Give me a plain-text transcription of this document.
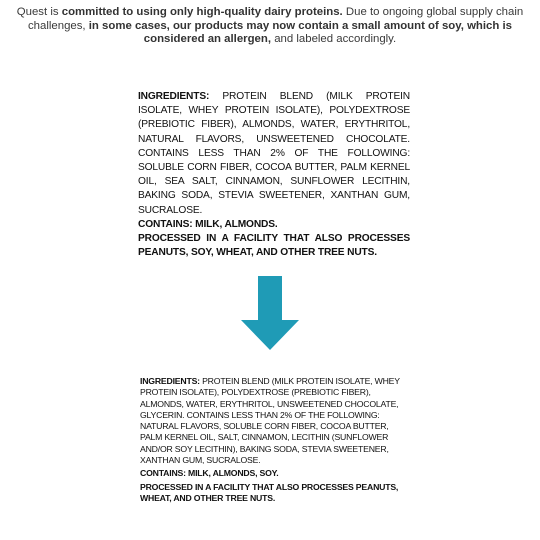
Quest is committed to using only high-quality dairy proteins. Due to ongoing global supply chain challenges, in some cases, our products may now contain a small amount of soy, which is considered an allergen, and labeled accordingly.

INGREDIENTS: PROTEIN BLEND (MILK PROTEIN ISOLATE, WHEY PROTEIN ISOLATE), POLYDEXTROSE (PREBIOTIC FIBER), ALMONDS, WATER, ERYTHRITOL, NATURAL FLAVORS, UNSWEETENED CHOCOLATE. CONTAINS LESS THAN 2% OF THE FOLLOWING: SOLUBLE CORN FIBER, COCOA BUTTER, PALM KERNEL OIL, SEA SALT, CINNAMON, SUNFLOWER LECITHIN, BAKING SODA, STEVIA SWEETENER, XANTHAN GUM, SUCRALOSE.

CONTAINS: MILK, ALMONDS.

PROCESSED IN A FACILITY THAT ALSO PROCESSES PEANUTS, SOY, WHEAT, AND OTHER TREE NUTS.

INGREDIENTS: PROTEIN BLEND (MILK PROTEIN ISOLATE, WHEY PROTEIN ISOLATE), POLYDEXTROSE (PREBIOTIC FIBER), ALMONDS, WATER, ERYTHRITOL, UNSWEETENED CHOCOLATE, GLYCERIN. CONTAINS LESS THAN 2% OF THE FOLLOWING: NATURAL FLAVORS, SOLUBLE CORN FIBER, COCOA BUTTER, PALM KERNEL OIL, SALT, CINNAMON, LECITHIN (SUNFLOWER AND/OR SOY LECITHIN), BAKING SODA, STEVIA SWEETENER, XANTHAN GUM, SUCRALOSE.

CONTAINS: MILK, ALMONDS, SOY.

PROCESSED IN A FACILITY THAT ALSO PROCESSES PEANUTS, WHEAT, AND OTHER TREE NUTS.
